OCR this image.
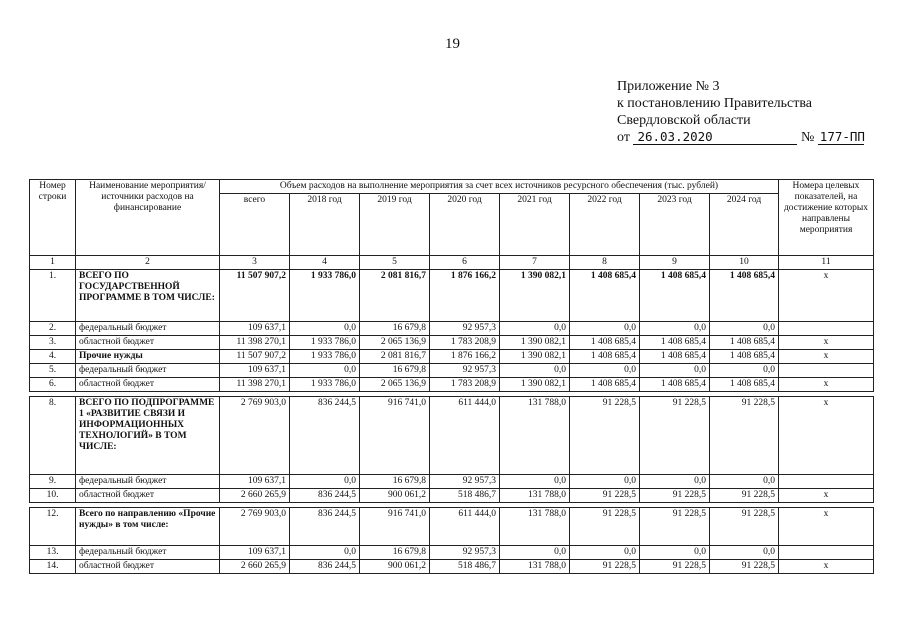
19
Приложение № 3
к постановлению Правительства
Свердловской области
от 26.03.2020	№ 177-ПП
Номер строки	Наименование мероприятия/ источники расходов на финансирование	Объем расходов на выполнение мероприятия за счет всех источников ресурсного обеспечения (тыс. рублей)								Номера целевых показателей, на достижение которых направлены мероприятия
		всего	2018 год	2019 год	2020 год	2021 год	2022 год	2023 год	2024 год	
1	2	3	4	5	6	7	8	9	10	11
1.	ВСЕГО ПО ГОСУДАРСТВЕННОЙ ПРОГРАММЕ В ТОМ ЧИСЛЕ:	11 507 907,2	1 933 786,0	2 081 816,7	1 876 166,2	1 390 082,1	1 408 685,4	1 408 685,4	1 408 685,4	х
2.	федеральный бюджет	109 637,1	0,0	16 679,8	92 957,3	0,0	0,0	0,0	0,0	
3.	областной бюджет	11 398 270,1	1 933 786,0	2 065 136,9	1 783 208,9	1 390 082,1	1 408 685,4	1 408 685,4	1 408 685,4	х
4.	Прочие нужды	11 507 907,2	1 933 786,0	2 081 816,7	1 876 166,2	1 390 082,1	1 408 685,4	1 408 685,4	1 408 685,4	х
5.	федеральный бюджет	109 637,1	0,0	16 679,8	92 957,3	0,0	0,0	0,0	0,0	
6.	областной бюджет	11 398 270,1	1 933 786,0	2 065 136,9	1 783 208,9	1 390 082,1	1 408 685,4	1 408 685,4	1 408 685,4	х

8.	ВСЕГО ПО ПОДПРОГРАММЕ 1 «РАЗВИТИЕ СВЯЗИ И ИНФОРМАЦИОННЫХ ТЕХНОЛОГИЙ» В ТОМ ЧИСЛЕ:	2 769 903,0	836 244,5	916 741,0	611 444,0	131 788,0	91 228,5	91 228,5	91 228,5	х
9.	федеральный бюджет	109 637,1	0,0	16 679,8	92 957,3	0,0	0,0	0,0	0,0	
10.	областной бюджет	2 660 265,9	836 244,5	900 061,2	518 486,7	131 788,0	91 228,5	91 228,5	91 228,5	х

12.	Всего по направлению «Прочие нужды» в том числе:	2 769 903,0	836 244,5	916 741,0	611 444,0	131 788,0	91 228,5	91 228,5	91 228,5	х
13.	федеральный бюджет	109 637,1	0,0	16 679,8	92 957,3	0,0	0,0	0,0	0,0	
14.	областной бюджет	2 660 265,9	836 244,5	900 061,2	518 486,7	131 788,0	91 228,5	91 228,5	91 228,5	х
